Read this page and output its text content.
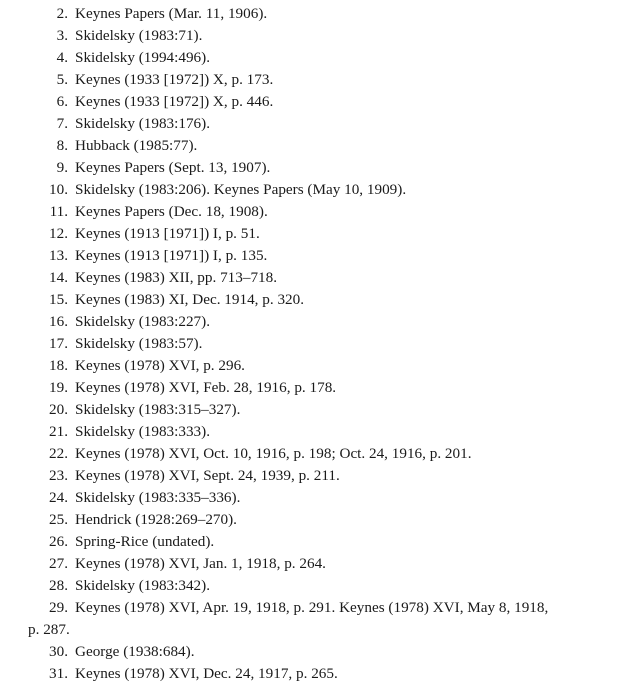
2. Keynes Papers (Mar. 11, 1906).
3. Skidelsky (1983:71).
4. Skidelsky (1994:496).
5. Keynes (1933 [1972]) X, p. 173.
6. Keynes (1933 [1972]) X, p. 446.
7. Skidelsky (1983:176).
8. Hubback (1985:77).
9. Keynes Papers (Sept. 13, 1907).
10. Skidelsky (1983:206). Keynes Papers (May 10, 1909).
11. Keynes Papers (Dec. 18, 1908).
12. Keynes (1913 [1971]) I, p. 51.
13. Keynes (1913 [1971]) I, p. 135.
14. Keynes (1983) XII, pp. 713–718.
15. Keynes (1983) XI, Dec. 1914, p. 320.
16. Skidelsky (1983:227).
17. Skidelsky (1983:57).
18. Keynes (1978) XVI, p. 296.
19. Keynes (1978) XVI, Feb. 28, 1916, p. 178.
20. Skidelsky (1983:315–327).
21. Skidelsky (1983:333).
22. Keynes (1978) XVI, Oct. 10, 1916, p. 198; Oct. 24, 1916, p. 201.
23. Keynes (1978) XVI, Sept. 24, 1939, p. 211.
24. Skidelsky (1983:335–336).
25. Hendrick (1928:269–270).
26. Spring-Rice (undated).
27. Keynes (1978) XVI, Jan. 1, 1918, p. 264.
28. Skidelsky (1983:342).
29. Keynes (1978) XVI, Apr. 19, 1918, p. 291. Keynes (1978) XVI, May 8, 1918,
p. 287.
30. George (1938:684).
31. Keynes (1978) XVI, Dec. 24, 1917, p. 265.
